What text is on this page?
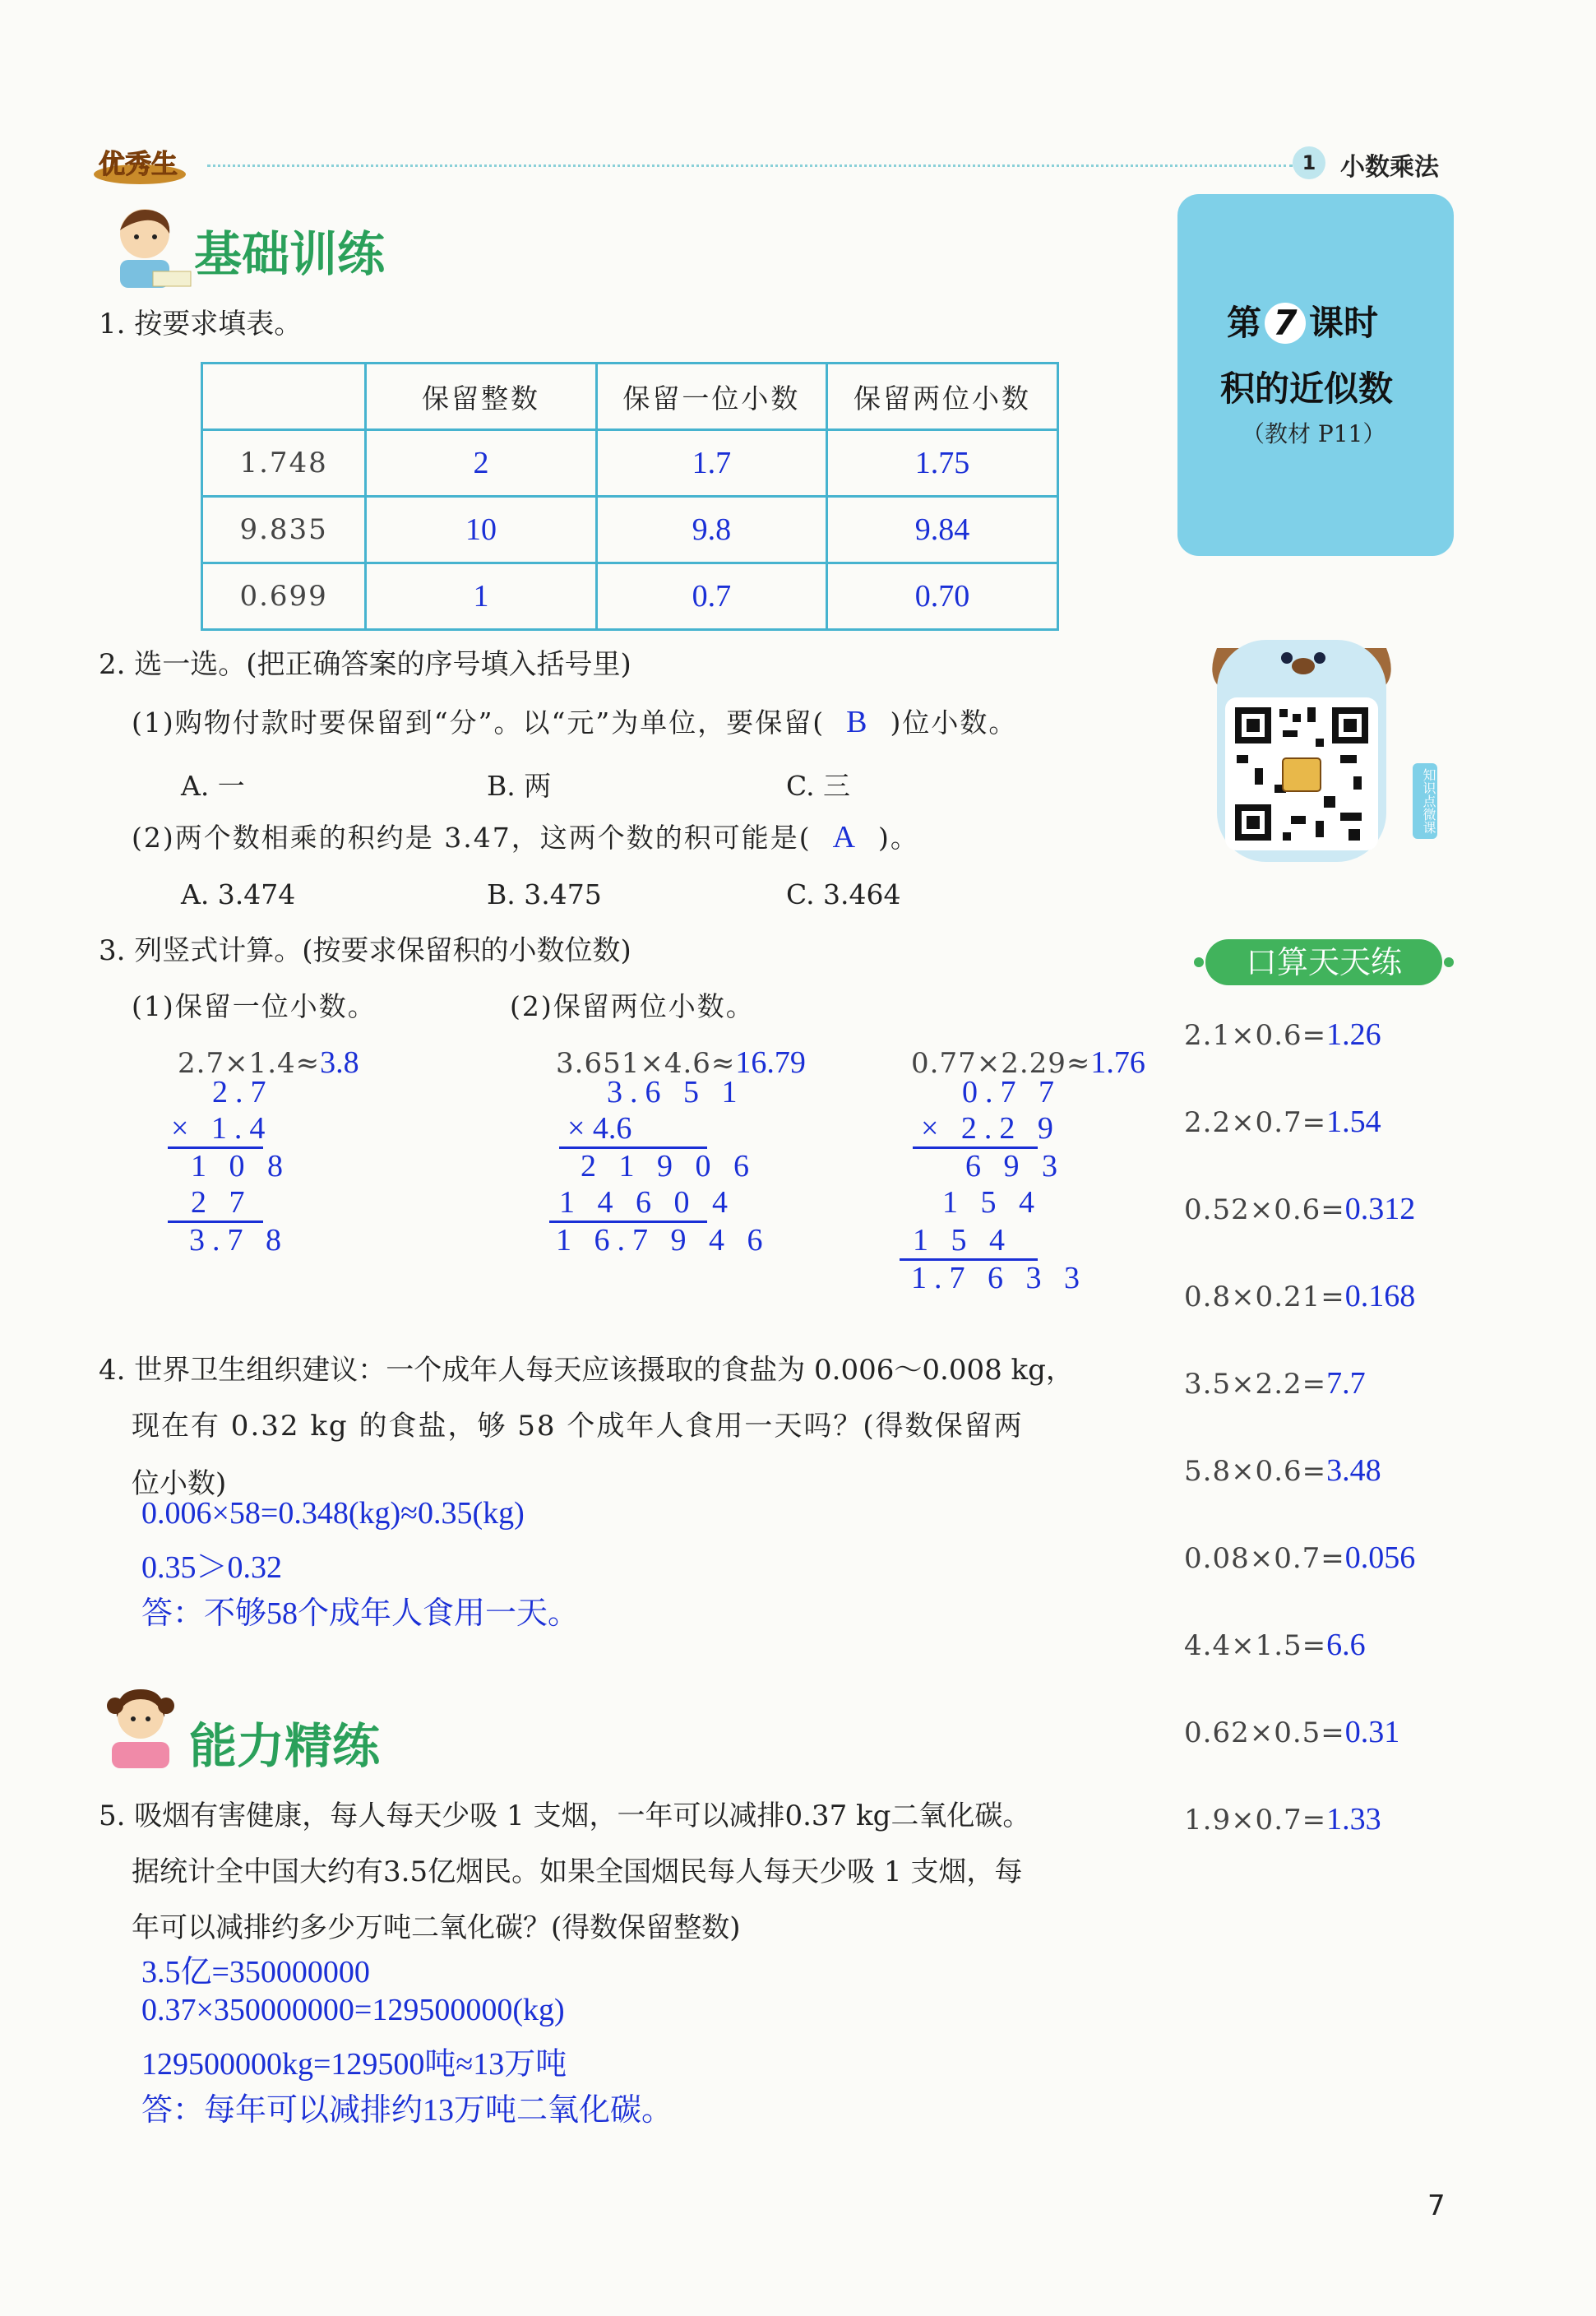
优秀生	1 小数乘法
第 7 课时
积的近似数
（教材 P11）
知识点微课
口算天天练
2.1×0.6=1.26
2.2×0.7=1.54
0.52×0.6=0.312
0.8×0.21=0.168
3.5×2.2=7.7
5.8×0.6=3.48
0.08×0.7=0.056
4.4×1.5=6.6
0.62×0.5=0.31
1.9×0.7=1.33
基础训练
1. 按要求填表。
	保留整数	保留一位小数	保留两位小数
1.748	2	1.7	1.75
9.835	10	9.8	9.84
0.699	1	0.7	0.70
2. 选一选。(把正确答案的序号填入括号里)
(1)购物付款时要保留到“分”。以“元”为单位，要保留( B )位小数。
A. 一	B. 两	C. 三
(2)两个数相乘的积约是 3.47，这两个数的积可能是( A )。
A. 3.474	B. 3.475	C. 3.464
3. 列竖式计算。(按要求保留积的小数位数)
(1)保留一位小数。	(2)保留两位小数。
2.7×1.4≈3.8
2.7
× 1.4
1 0 8
2 7
3.7 8
3.651×4.6≈16.79
3.6 5 1
× 4.6
2 1 9 0 6
1 4 6 0 4
1 6.7 9 4 6
0.77×2.29≈1.76
0.7 7
× 2.2 9
6 9 3
1 5 4
1 5 4
1.7 6 3 3
4. 世界卫生组织建议：一个成年人每天应该摄取的食盐为 0.006～0.008 kg，
现在有 0.32 kg 的食盐，够 58 个成年人食用一天吗？(得数保留两
位小数)
0.006×58=0.348(kg)≈0.35(kg)
0.35＞0.32
答：不够58个成年人食用一天。
能力精练
5. 吸烟有害健康，每人每天少吸 1 支烟，一年可以减排0.37 kg二氧化碳。
据统计全中国大约有3.5亿烟民。如果全国烟民每人每天少吸 1 支烟，每
年可以减排约多少万吨二氧化碳？(得数保留整数)
3.5亿=350000000
0.37×350000000=129500000(kg)
129500000kg=129500吨≈13万吨
答：每年可以减排约13万吨二氧化碳。
7
